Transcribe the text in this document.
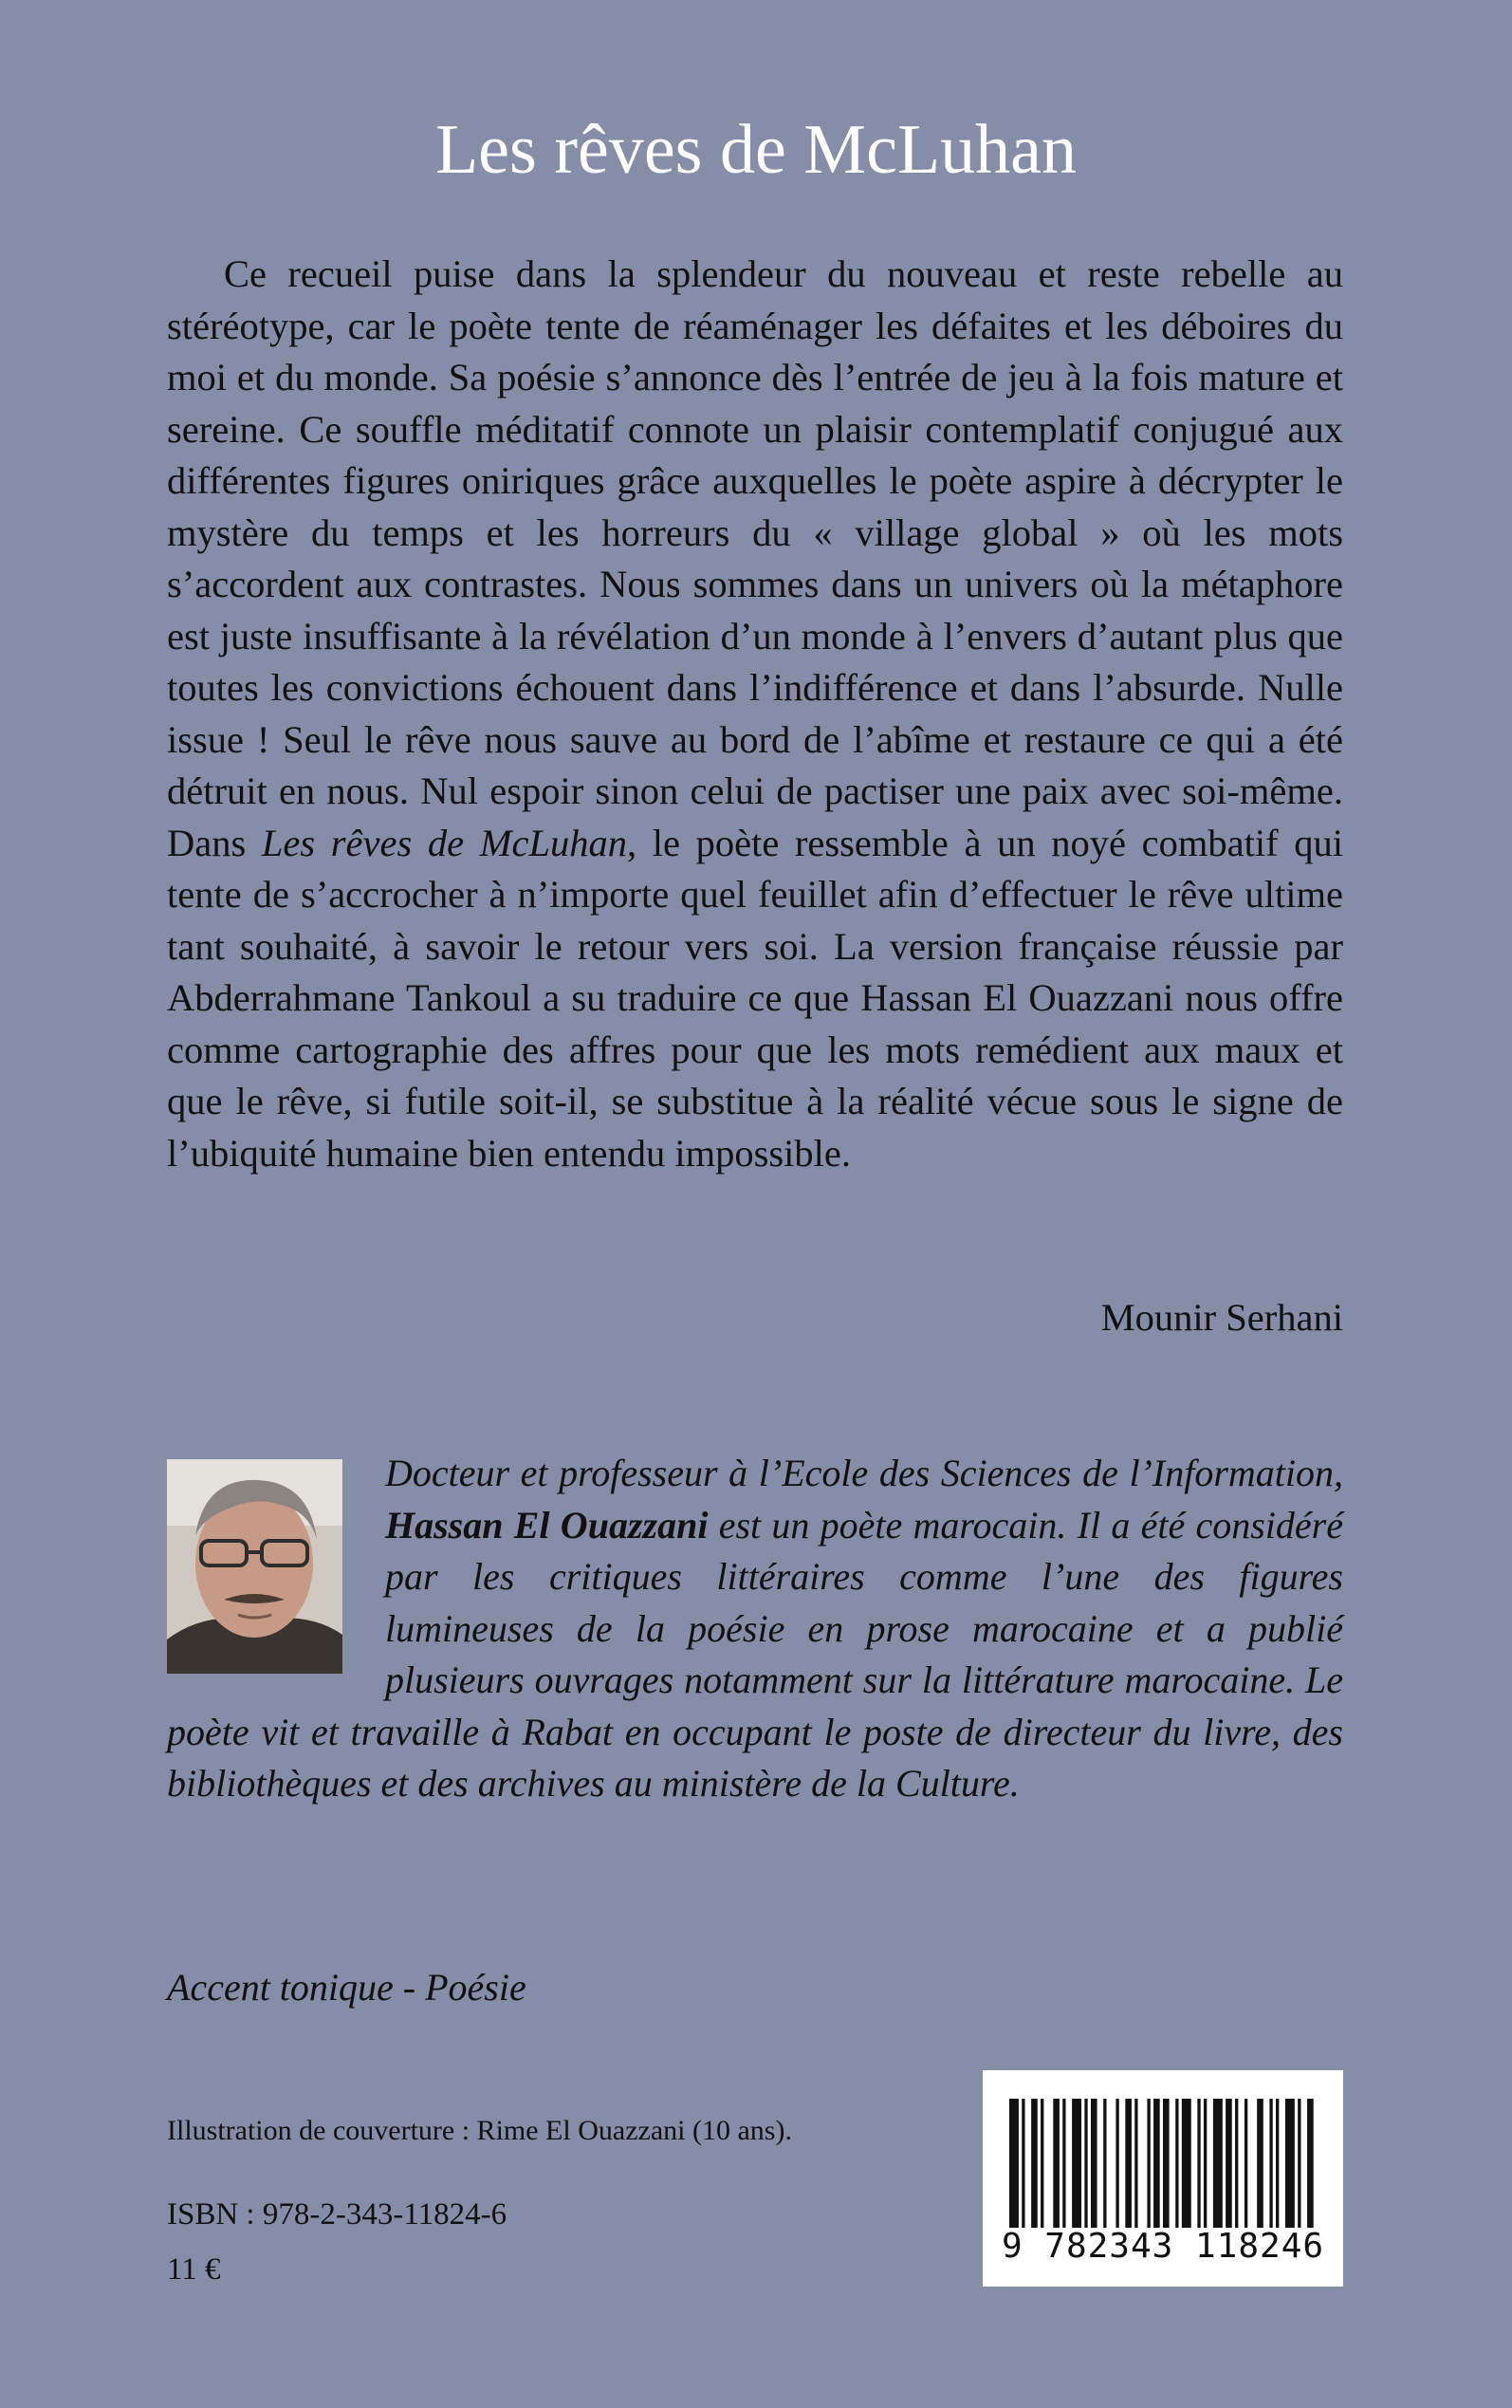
Les rêves de McLuhan

Ce recueil puise dans la splendeur du nouveau et reste rebelle au stéréotype, car le poète tente de réaménager les défaites et les déboires du moi et du monde. Sa poésie s’annonce dès l’entrée de jeu à la fois mature et sereine. Ce souffle méditatif connote un plaisir contemplatif conjugué aux différentes figures oniriques grâce auxquelles le poète aspire à décrypter le mystère du temps et les horreurs du « village global » où les mots s’accordent aux contrastes. Nous sommes dans un univers où la métaphore est juste insuffisante à la révélation d’un monde à l’envers d’autant plus que toutes les convictions échouent dans l’indifférence et dans l’absurde. Nulle issue ! Seul le rêve nous sauve au bord de l’abîme et restaure ce qui a été détruit en nous. Nul espoir sinon celui de pactiser une paix avec soi-même. Dans Les rêves de McLuhan, le poète ressemble à un noyé combatif qui tente de s’accrocher à n’importe quel feuillet afin d’effectuer le rêve ultime tant souhaité, à savoir le retour vers soi. La version française réussie par Abderrahmane Tankoul a su traduire ce que Hassan El Ouazzani nous offre comme cartographie des affres pour que les mots remédient aux maux et que le rêve, si futile soit-il, se substitue à la réalité vécue sous le signe de l’ubiquité humaine bien entendu impossible.

Mounir Serhani

Docteur et professeur à l’Ecole des Sciences de l’Information, Hassan El Ouazzani est un poète marocain. Il a été considéré par les critiques littéraires comme l’une des figures lumineuses de la poésie en prose marocaine et a publié plusieurs ouvrages notamment sur la littérature marocaine. Le poète vit et travaille à Rabat en occupant le poste de directeur du livre, des bibliothèques et des archives au ministère de la Culture.

Accent tonique - Poésie
Illustration de couverture : Rime El Ouazzani (10 ans).
ISBN : 978-2-343-11824-6
11 €
9 782343 118246
